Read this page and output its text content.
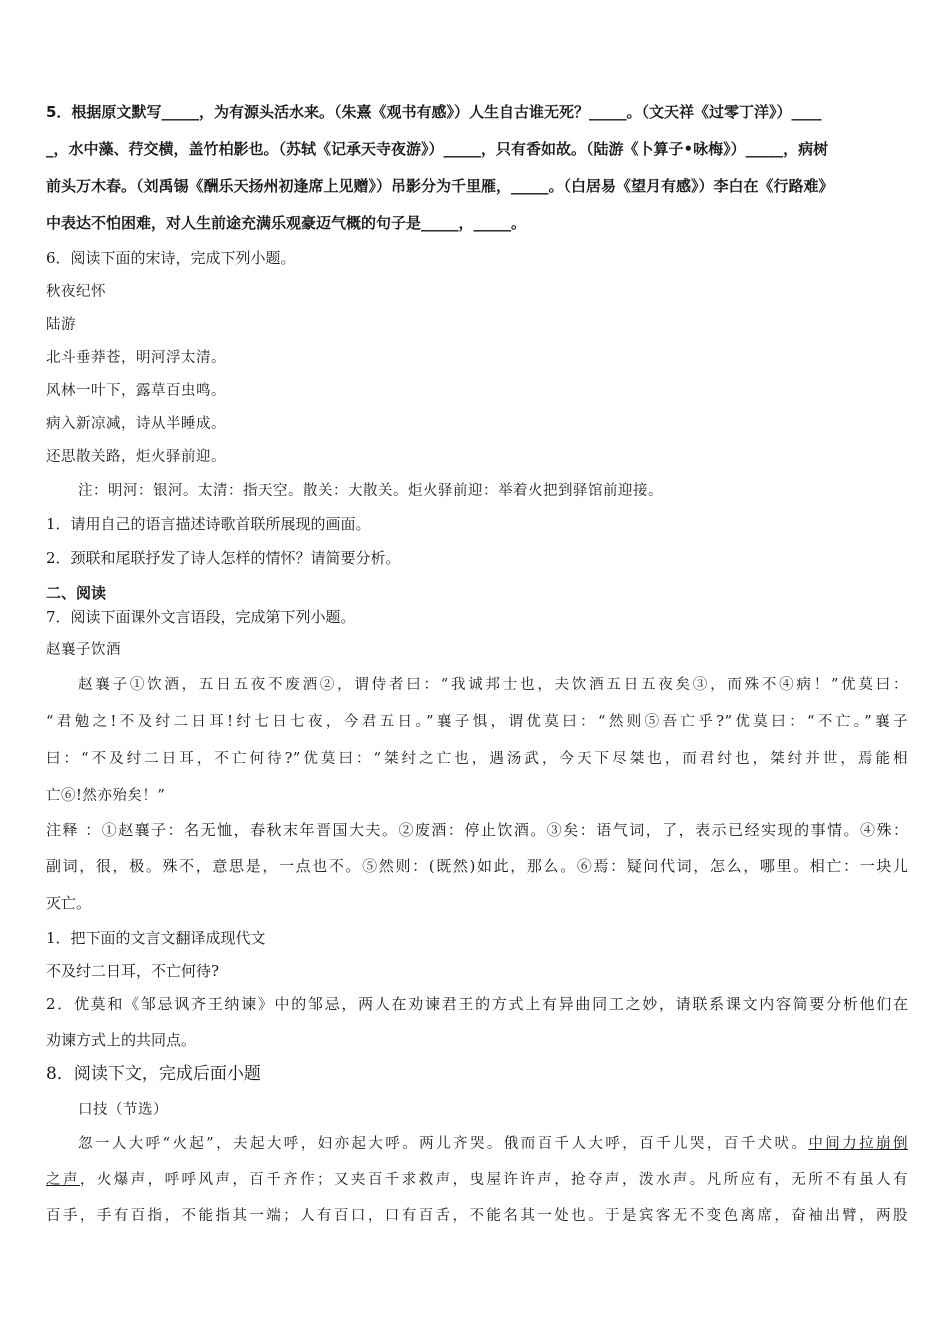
5．根据原文默写_____，为有源头活水来。（朱熹《观书有感》）人生自古谁无死？_____。（文天祥《过零丁洋》）____
_，水中藻、荇交横，盖竹柏影也。（苏轼《记承天寺夜游》）_____，只有香如故。（陆游《卜算子•咏梅》）_____，病树
前头万木春。（刘禹锡《酬乐天扬州初逢席上见赠》）吊影分为千里雁，_____。（白居易《望月有感》）李白在《行路难》
中表达不怕困难，对人生前途充满乐观豪迈气概的句子是_____，_____。
6．阅读下面的宋诗，完成下列小题。
秋夜纪怀
陆游
北斗垂莽苍，明河浮太清。
风林一叶下，露草百虫鸣。
病入新凉减，诗从半睡成。
还思散关路，炬火驿前迎。
注：明河：银河。太清：指天空。散关：大散关。炬火驿前迎：举着火把到驿馆前迎接。
1．请用自己的语言描述诗歌首联所展现的画面。
2．颈联和尾联抒发了诗人怎样的情怀？请简要分析。
二、阅读
7．阅读下面课外文言语段，完成第下列小题。
赵襄子饮酒
赵襄子①饮酒，五日五夜不废酒②，谓侍者曰：“我诚邦士也，夫饮酒五日五夜矣③，而殊不④病！”优莫曰：
“君勉之!不及纣二日耳!纣七日七夜，今君五日。”襄子惧，谓优莫曰：“然则⑤吾亡乎?”优莫曰：“不亡。”襄子
曰：“不及纣二日耳，不亡何待?”优莫曰：“桀纣之亡也，遇汤武，今天下尽桀也，而君纣也，桀纣并世，焉能相
亡⑥!然亦殆矣！”
注释 ：①赵襄子：名无恤，春秋末年晋国大夫。②废酒：停止饮酒。③矣：语气词，了，表示已经实现的事情。④殊：
副词，很，极。殊不，意思是，一点也不。⑤然则：(既然)如此，那么。⑥焉：疑问代词，怎么，哪里。相亡：一块儿
灭亡。
1．把下面的文言文翻译成现代文
不及纣二日耳，不亡何待?
2．优莫和《邹忌讽齐王纳谏》中的邹忌，两人在劝谏君王的方式上有异曲同工之妙，请联系课文内容简要分析他们在
劝谏方式上的共同点。
8．阅读下文，完成后面小题
口技（节选）
忽一人大呼“火起”，夫起大呼，妇亦起大呼。两儿齐哭。俄而百千人大呼，百千儿哭，百千犬吠。中间力拉崩倒
之声，火爆声，呼呼风声，百千齐作；又夹百千求救声，曳屋许许声，抢夺声，泼水声。凡所应有，无所不有虽人有
百手，手有百指，不能指其一端；人有百口，口有百舌，不能名其一处也。于是宾客无不变色离席，奋袖出臂，两股
